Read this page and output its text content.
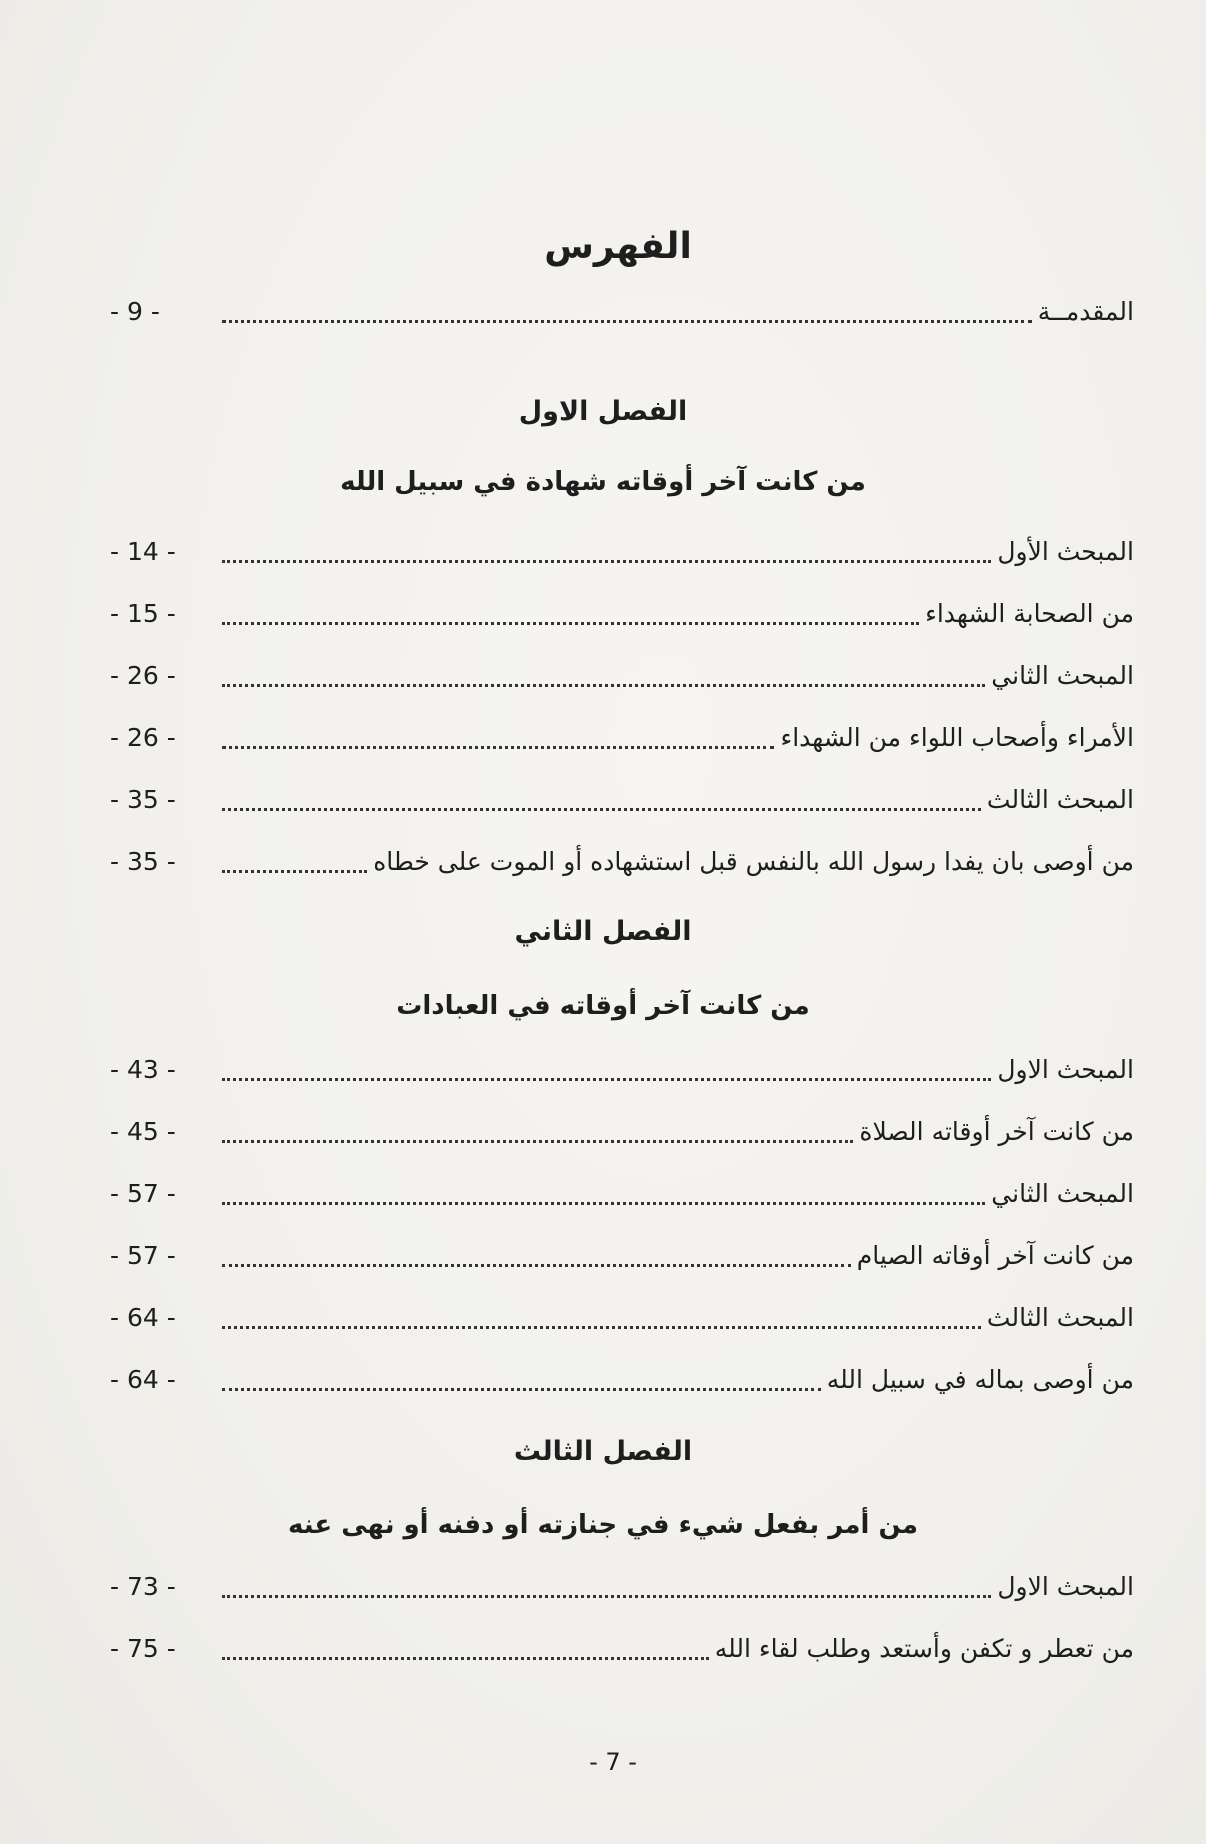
الفهرس
المقدمــة
- 9 -
الفصل الاول
من كانت آخر أوقاته شهادة في سبيل الله
المبحث الأول
- 14 -
من الصحابة الشهداء
- 15 -
المبحث الثاني
- 26 -
الأمراء وأصحاب اللواء من الشهداء
- 26 -
المبحث الثالث
- 35 -
من أوصى بان يفدا رسول الله بالنفس قبل استشهاده أو الموت على خطاه
- 35 -
الفصل الثاني
من كانت آخر أوقاته في العبادات
المبحث الاول
- 43 -
من كانت آخر أوقاته الصلاة
- 45 -
المبحث الثاني
- 57 -
من كانت آخر أوقاته الصيام
- 57 -
المبحث الثالث
- 64 -
من أوصى بماله في سبيل الله
- 64 -
الفصل الثالث
من أمر بفعل شيء في جنازته أو دفنه أو نهى عنه
المبحث الاول
- 73 -
من تعطر و تكفن وأستعد وطلب لقاء الله
- 75 -
- 7 -
